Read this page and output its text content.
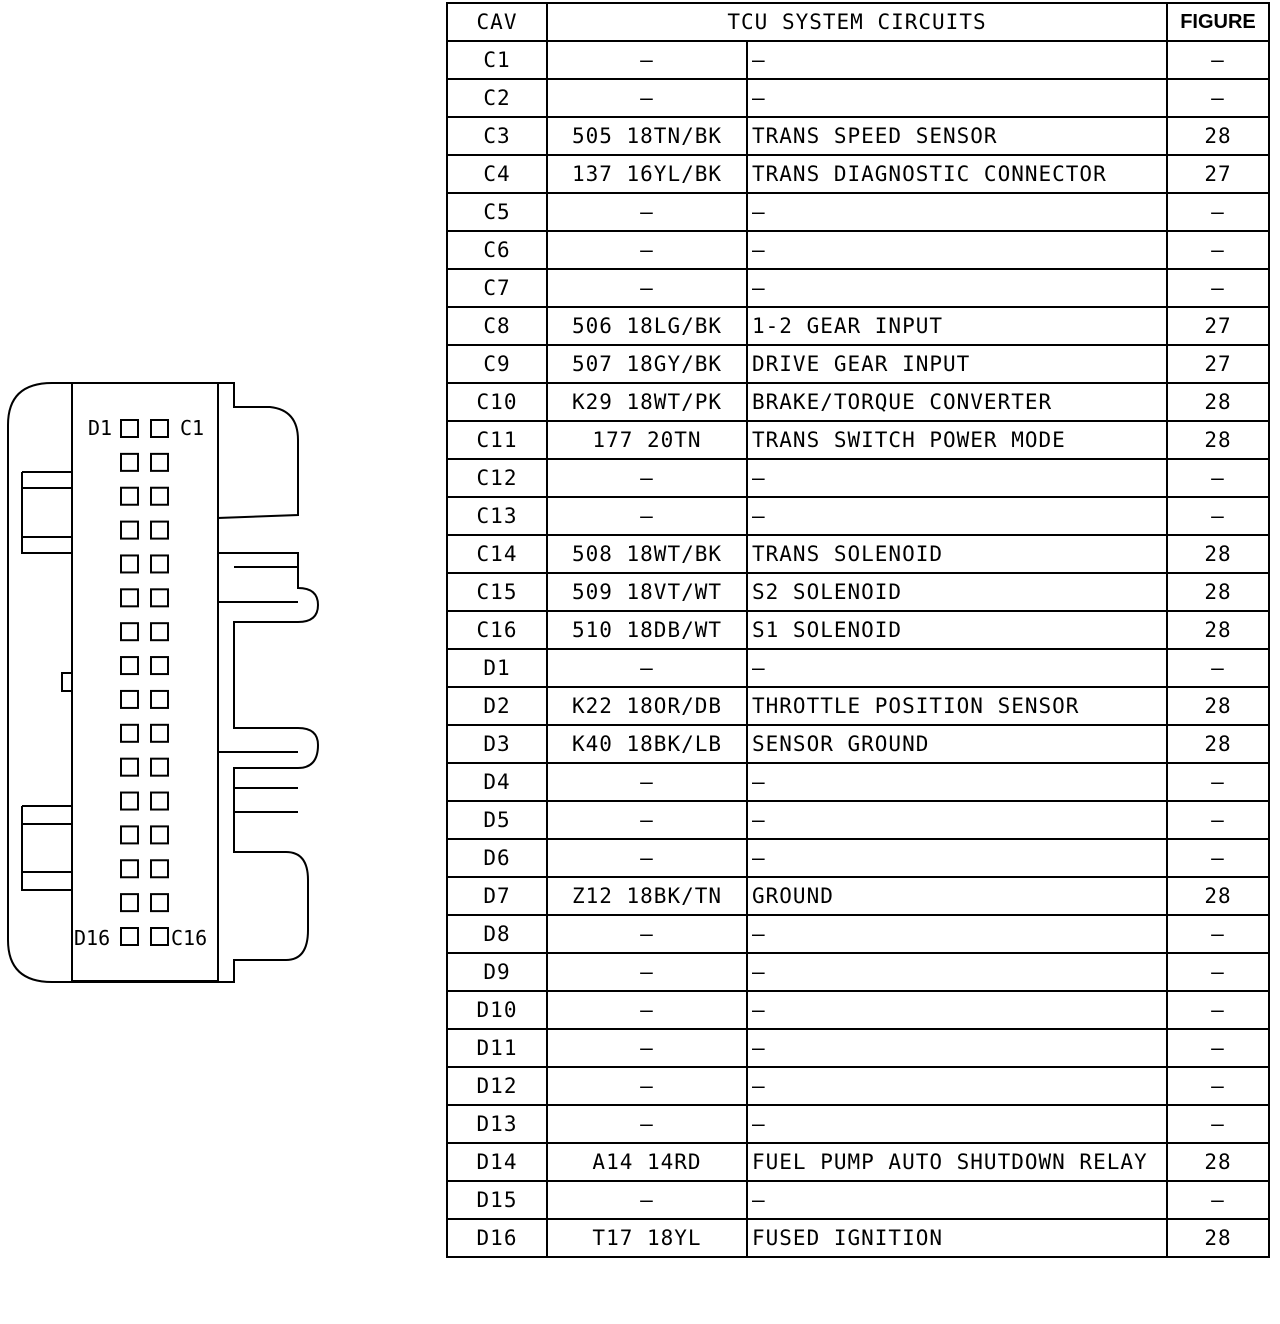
D1	C1
D16	C16
CAV	TCU SYSTEM CIRCUITS		FIGURE
C1	—	—	—
C2	—	—	—
C3	505 18TN/BK	TRANS SPEED SENSOR	28
C4	137 16YL/BK	TRANS DIAGNOSTIC CONNECTOR	27
C5	—	—	—
C6	—	—	—
C7	—	—	—
C8	506 18LG/BK	1-2 GEAR INPUT	27
C9	507 18GY/BK	DRIVE GEAR INPUT	27
C10	K29 18WT/PK	BRAKE/TORQUE CONVERTER	28
C11	177 20TN	TRANS SWITCH POWER MODE	28
C12	—	—	—
C13	—	—	—
C14	508 18WT/BK	TRANS SOLENOID	28
C15	509 18VT/WT	S2 SOLENOID	28
C16	510 18DB/WT	S1 SOLENOID	28
D1	—	—	—
D2	K22 18OR/DB	THROTTLE POSITION SENSOR	28
D3	K40 18BK/LB	SENSOR GROUND	28
D4	—	—	—
D5	—	—	—
D6	—	—	—
D7	Z12 18BK/TN	GROUND	28
D8	—	—	—
D9	—	—	—
D10	—	—	—
D11	—	—	—
D12	—	—	—
D13	—	—	—
D14	A14 14RD	FUEL PUMP AUTO SHUTDOWN RELAY	28
D15	—	—	—
D16	T17 18YL	FUSED IGNITION	28
